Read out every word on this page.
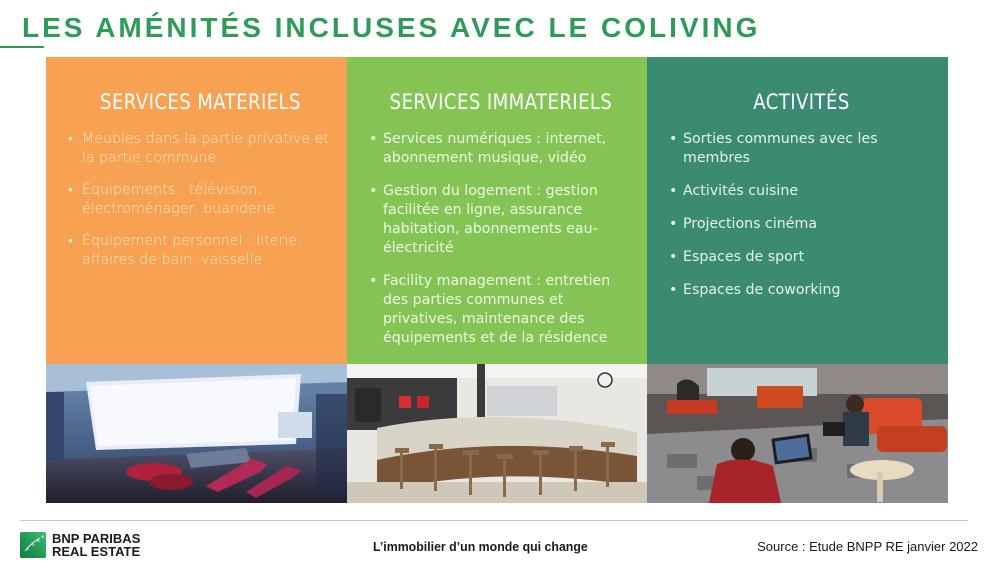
LES AMÉNITÉS INCLUSES AVEC LE COLIVING
SERVICES MATERIELS
• Meubles dans la partie privative et la partie commune
• Équipements : télévision, électroménager, buanderie
• Équipement personnel : literie, affaires de bain, vaisselle
SERVICES IMMATERIELS
• Services numériques : internet, abonnement musique, vidéo
• Gestion du logement : gestion facilitée en ligne, assurance habitation, abonnements eau-électricité
• Facility management : entretien des parties communes et privatives, maintenance des équipements et de la résidence
ACTIVITÉS
• Sorties communes avec les membres
• Activités cuisine
• Projections cinéma
• Espaces de sport
• Espaces de coworking
BNP PARIBAS
REAL ESTATE	L’immobilier d’un monde qui change	Source : Etude BNPP RE janvier 2022
